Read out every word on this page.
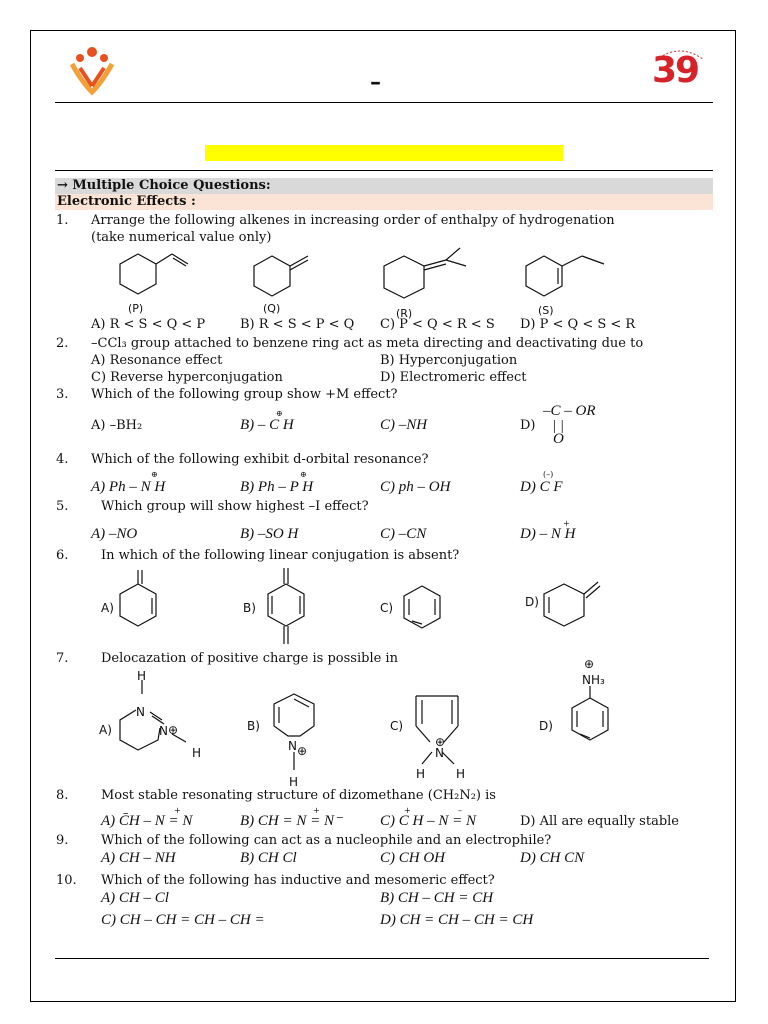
–	39
→ Multiple Choice Questions:
Electronic Effects :
1. Arrange the following alkenes in increasing order of enthalpy of hydrogenation
(take numerical value only)
(P)	(Q)	(R)	(S)
A) R < S < Q < P	B) R < S < P < Q C) P < Q < R < S D) P < Q < S < R
2. –CCl₃ group attached to benzene ring act as meta directing and deactivating due to
A) Resonance effect	B) Hyperconjugation
C) Reverse hyperconjugation	D) Electromeric effect
3. Which of the following group show +M effect?
–C – OR
⊕
A) –BH₂	B) – C H	C) –NH	D) | |
O
4. Which of the following exhibit d-orbital resonance?
⊕	⊕	(–)
A) Ph – N H	B) Ph – P H	C) ph – OH	D) C F
5.	Which group will show highest –I effect?
+
A) –NO	B) –SO H	C) –CN	D) – N H
6.	In which of the following linear conjugation is absent?
A)	B)	C)	D)
7.	Delocazation of positive charge is possible in
A)	B)	C)	D)
H
N
N ⊕
H	N ⊕
H
⊕
N
H	H
⊕
NH₃
8.	Most stable resonating structure of dizomethane (CH₂N₂) is
+	+	+	–
A) C̄H – N = N	B) CH = N = N⁻	C) C H – N = N	D) All are equally stable
9.	Which of the following can act as a nucleophile and an electrophile?
A) CH – NH	B) CH Cl	C) CH OH	D) CH CN
10. Which of the following has inductive and mesomeric effect?
A) CH – Cl	B) CH – CH = CH
C) CH – CH = CH – CH =	D) CH = CH – CH = CH
